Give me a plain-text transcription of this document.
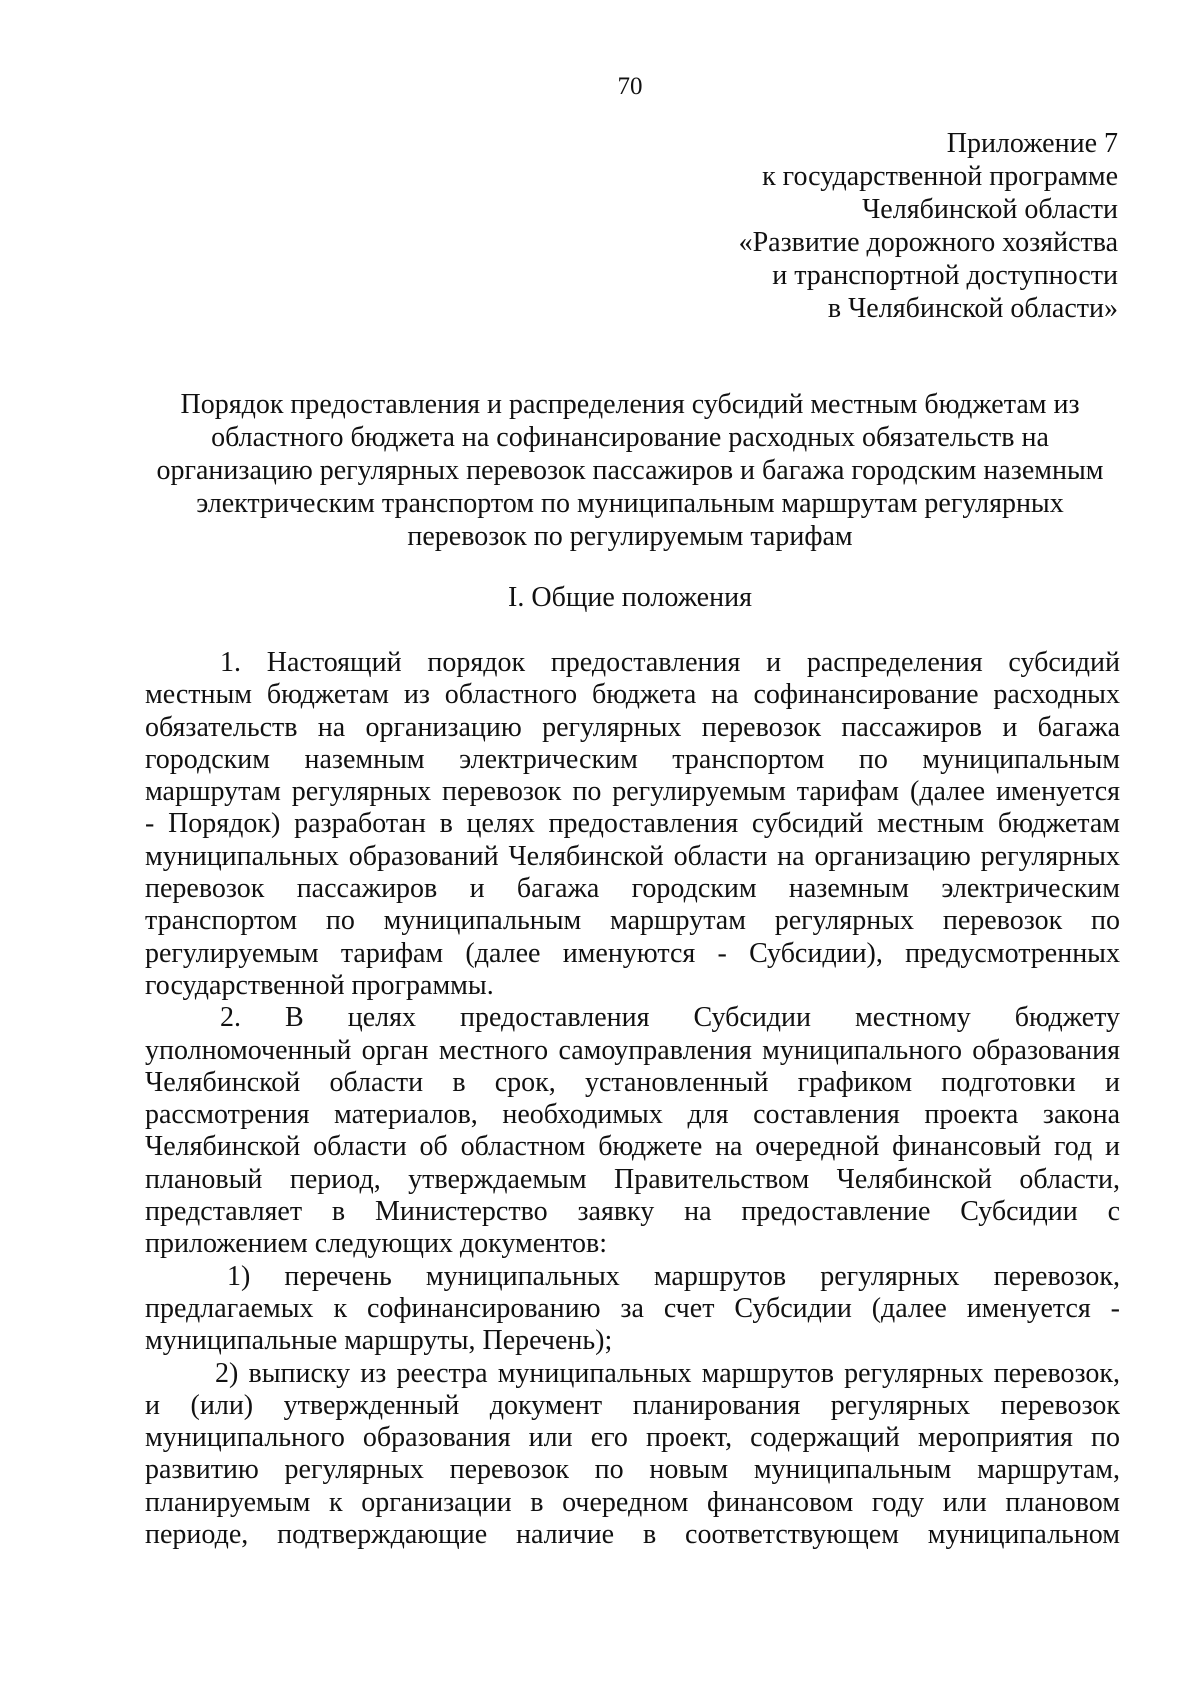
70
Приложение 7
к государственной программе
Челябинской области
«Развитие дорожного хозяйства
и транспортной доступности
в Челябинской области»
Порядок предоставления и распределения субсидий местным бюджетам из
областного бюджета на софинансирование расходных обязательств на
организацию регулярных перевозок пассажиров и багажа городским наземным
электрическим транспортом по муниципальным маршрутам регулярных
перевозок по регулируемым тарифам
I. Общие положения
1. Настоящий порядок предоставления и распределения субсидий
местным бюджетам из областного бюджета на софинансирование расходных
обязательств на организацию регулярных перевозок пассажиров и багажа
городским наземным электрическим транспортом по муниципальным
маршрутам регулярных перевозок по регулируемым тарифам (далее именуется
- Порядок) разработан в целях предоставления субсидий местным бюджетам
муниципальных образований Челябинской области на организацию регулярных
перевозок пассажиров и багажа городским наземным электрическим
транспортом по муниципальным маршрутам регулярных перевозок по
регулируемым тарифам (далее именуются - Субсидии), предусмотренных
государственной программы.
2. В целях предоставления Субсидии местному бюджету
уполномоченный орган местного самоуправления муниципального образования
Челябинской области в срок, установленный графиком подготовки и
рассмотрения материалов, необходимых для составления проекта закона
Челябинской области об областном бюджете на очередной финансовый год и
плановый период, утверждаемым Правительством Челябинской области,
представляет в Министерство заявку на предоставление Субсидии с
приложением следующих документов:
1) перечень муниципальных маршрутов регулярных перевозок,
предлагаемых к софинансированию за счет Субсидии (далее именуется -
муниципальные маршруты, Перечень);
2) выписку из реестра муниципальных маршрутов регулярных перевозок,
и (или) утвержденный документ планирования регулярных перевозок
муниципального образования или его проект, содержащий мероприятия по
развитию регулярных перевозок по новым муниципальным маршрутам,
планируемым к организации в очередном финансовом году или плановом
периоде, подтверждающие наличие в соответствующем муниципальном
